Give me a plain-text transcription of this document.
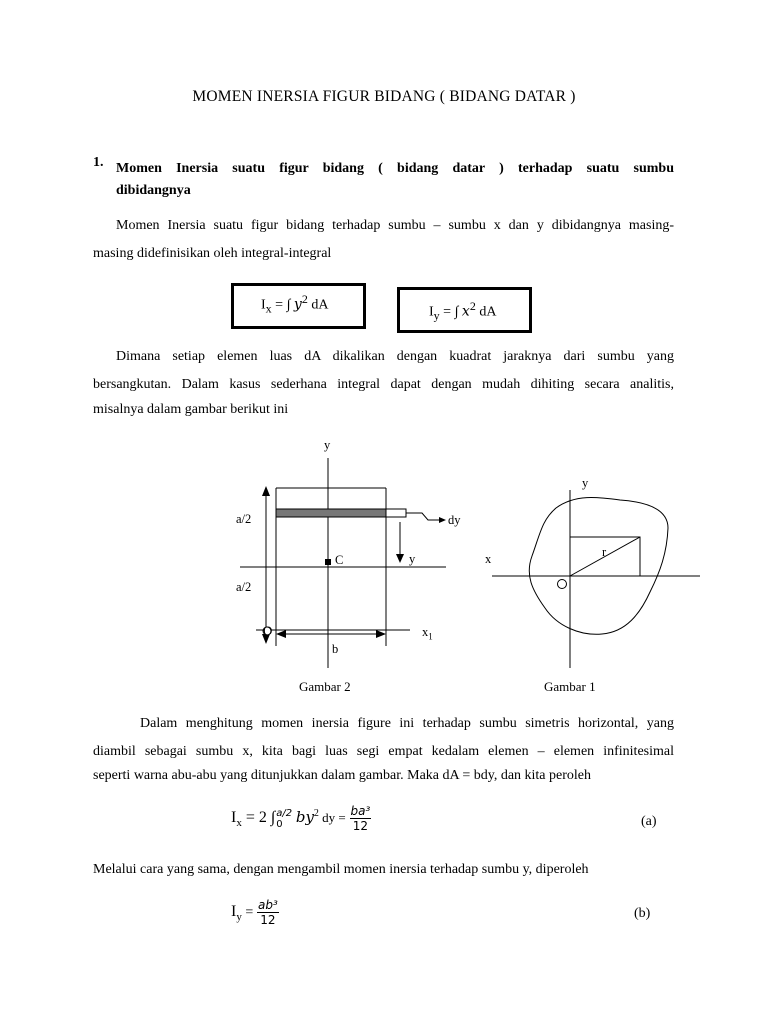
MOMEN INERSIA FIGUR BIDANG ( BIDANG DATAR )
1. Momen Inersia suatu figur bidang ( bidang datar ) terhadap suatu sumbu
dibidangnya
Momen Inersia suatu figur bidang terhadap sumbu – sumbu x dan y dibidangnya masing-
masing didefinisikan oleh integral-integral
$I_x$ = ∫ $y^2$ dA	$I_y$ = ∫ $x^2$ dA
Dimana setiap elemen luas dA dikalikan dengan kuadrat jaraknya dari sumbu yang
bersangkutan. Dalam kasus sederhana integral dapat dengan mudah dihiting secara analitis,
misalnya dalam gambar berikut ini
y
a/2
a/2
dy
C	y
O	$x_1$
b
Gambar 2
y
x	r
Gambar 1
Dalam menghitung momen inersia figure ini terhadap sumbu simetris horizontal, yang
diambil sebagai sumbu x, kita bagi luas segi empat kedalam elemen – elemen infinitesimal
seperti warna abu-abu yang ditunjukkan dalam gambar. Maka dA = bdy, dan kita peroleh
$I_x = 2$ ∫ a/2
0 $by^2$ dy = $\frac{\text{ba³}}{12}$	(a)
Melalui cara yang sama, dengan mengambil momen inersia terhadap sumbu y, diperoleh
$I_y = \frac{\text{ab³}}{12}$	(b)
